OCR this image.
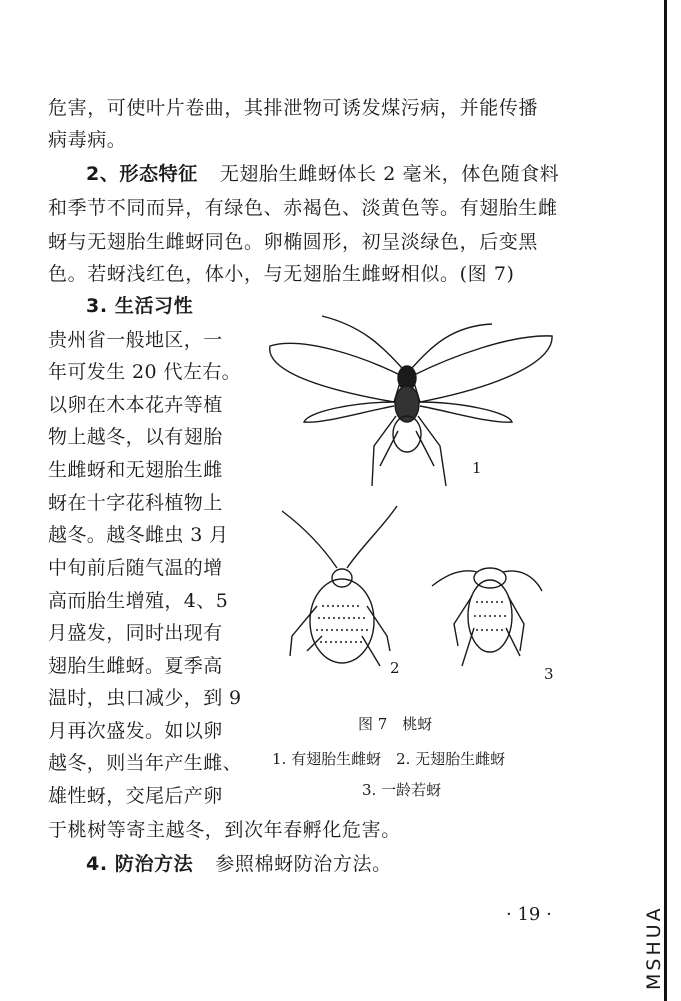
危害，可使叶片卷曲，其排泄物可诱发煤污病，并能传播

病毒病。

2、形态特征 无翅胎生雌蚜体长 2 毫米，体色随食料

和季节不同而异，有绿色、赤褐色、淡黄色等。有翅胎生雌

蚜与无翅胎生雌蚜同色。卵椭圆形，初呈淡绿色，后变黑

色。若蚜浅红色，体小，与无翅胎生雌蚜相似。(图 7)

3. 生活习性

贵州省一般地区，一

年可发生 20 代左右。

以卵在木本花卉等植

物上越冬，以有翅胎

生雌蚜和无翅胎生雌

蚜在十字花科植物上

越冬。越冬雌虫 3 月

中旬前后随气温的增

高而胎生增殖，4、5

月盛发，同时出现有

翅胎生雌蚜。夏季高

温时，虫口减少，到 9

月再次盛发。如以卵

越冬，则当年产生雌、

雄性蚜，交尾后产卵

于桃树等寄主越冬，到次年春孵化危害。

4. 防治方法 参照棉蚜防治方法。

1
2	3
图 7　桃蚜
1. 有翅胎生雌蚜　2. 无翅胎生雌蚜
3. 一龄若蚜
· 19 ·	MSHUA
